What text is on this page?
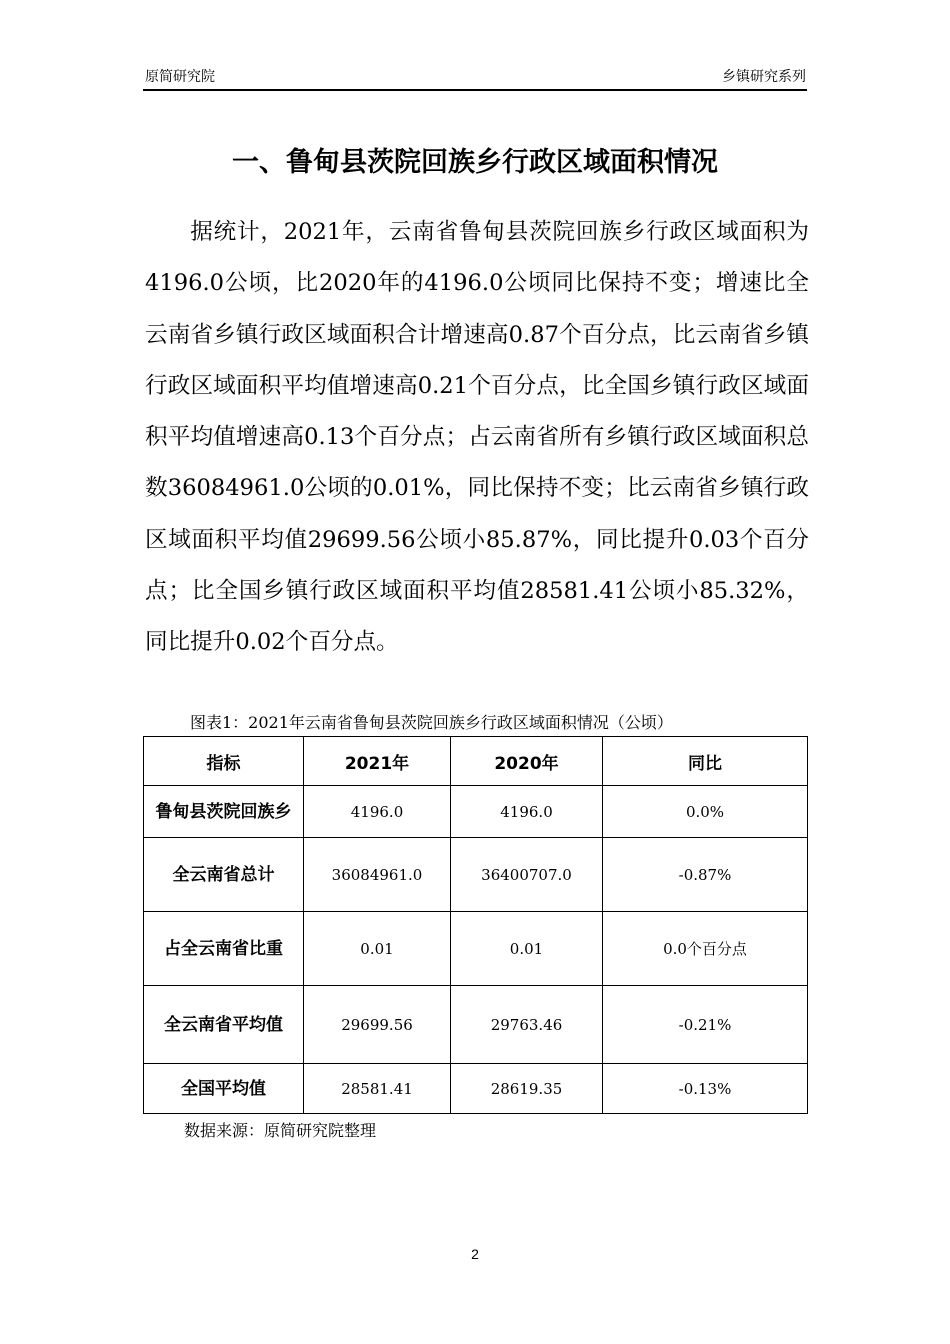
原简研究院	乡镇研究系列
一、鲁甸县茨院回族乡行政区域面积情况

据统计，2021年，云南省鲁甸县茨院回族乡行政区域面积为4196.0公顷，比2020年的4196.0公顷同比保持不变；增速比全云南省乡镇行政区域面积合计增速高0.87个百分点，比云南省乡镇行政区域面积平均值增速高0.21个百分点，比全国乡镇行政区域面积平均值增速高0.13个百分点；占云南省所有乡镇行政区域面积总数36084961.0公顷的0.01%，同比保持不变；比云南省乡镇行政区域面积平均值29699.56公顷小85.87%，同比提升0.03个百分点；比全国乡镇行政区域面积平均值28581.41公顷小85.32%，同比提升0.02个百分点。

图表1：2021年云南省鲁甸县茨院回族乡行政区域面积情况（公顷）
指标	2021年	2020年	同比
鲁甸县茨院回族乡	4196.0	4196.0	0.0%
全云南省总计	36084961.0	36400707.0	-0.87%
占全云南省比重	0.01	0.01	0.0个百分点
全云南省平均值	29699.56	29763.46	-0.21%
全国平均值	28581.41	28619.35	-0.13%
数据来源：原简研究院整理
2
